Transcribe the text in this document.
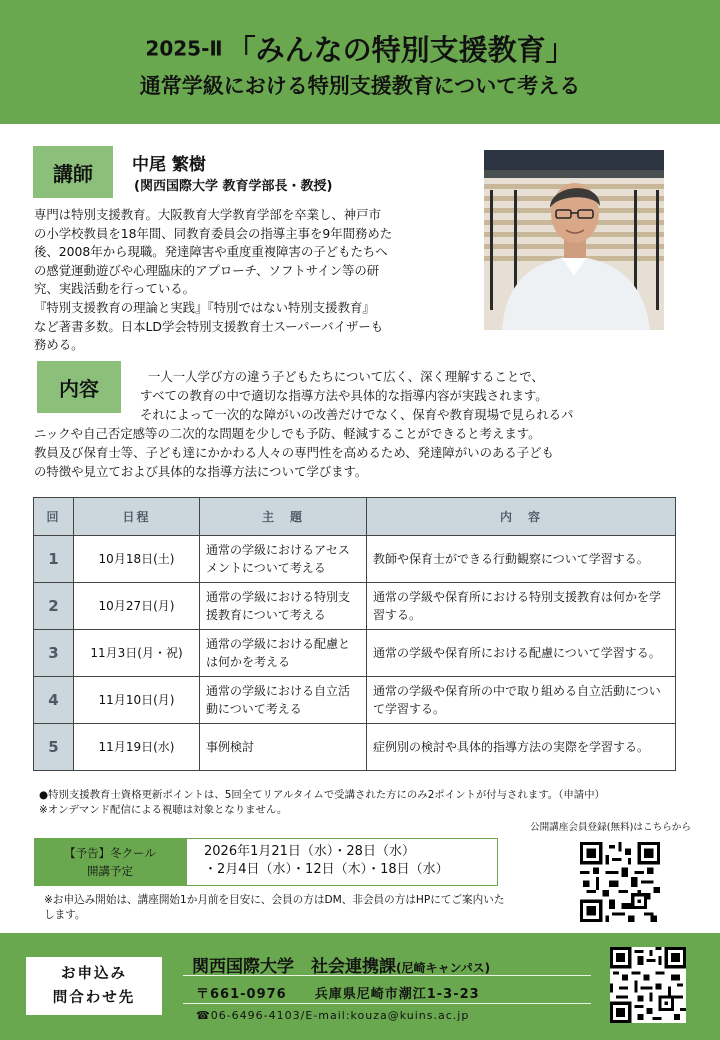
2025-Ⅱ 「みんなの特別支援教育」
通常学級における特別支援教育について考える
講師	中尾 繁樹
(関西国際大学 教育学部長・教授)

専門は特別支援教育。大阪教育大学教育学部を卒業し、神戸市

の小学校教員を18年間、同教育委員会の指導主事を9年間務めた

後、2008年から現職。発達障害や重度重複障害の子どもたちへ

の感覚運動遊びや心理臨床的アプローチ、ソフトサイン等の研

究、実践活動を行っている。

『特別支援教育の理論と実践』『特別ではない特別支援教育』

など著書多数。日本LD学会特別支援教育士スーパーバイザーも

務める。

内容	一人一人学び方の違う子どもたちについて広く、深く理解することで、
すべての教育の中で適切な指導方法や具体的な指導内容が実践されます。
それによって一次的な障がいの改善だけでなく、保育や教育現場で見られるパ
ニックや自己否定感等の二次的な問題を少しでも予防、軽減することができると考えます。
教員及び保育士等、子ども達にかかわる人々の専門性を高めるため、発達障がいのある子ども
の特徴や見立ておよび具体的な指導方法について学びます。
回	日程	主　題	内　容
1	10月18日(土)	通常の学級におけるアセスメントについて考える	教師や保育士ができる行動観察について学習する。
2	10月27日(月)	通常の学級における特別支援教育について考える	通常の学級や保育所における特別支援教育は何かを学習する。
3	11月3日(月・祝)	通常の学級における配慮とは何かを考える	通常の学級や保育所における配慮について学習する。
4	11月10日(月)	通常の学級における自立活動について考える	通常の学級や保育所の中で取り組める自立活動について学習する。
5	11月19日(水)	事例検討	症例別の検討や具体的指導方法の実際を学習する。
●特別支援教育士資格更新ポイントは、5回全てリアルタイムで受講された方にのみ2ポイントが付与されます。（申請中）
※オンデマンド配信による視聴は対象となりません。
公開講座会員登録(無料)はこちらから
【予告】冬クール
開講予定

2026年1月21日（水）・28日（水）

・2月4日（水）・12日（木）・18日（水）

※お申込み開始は、講座開始1か月前を目安に、会員の方はDM、非会員の方はHPにてご案内いたします。
お申込み
問合わせ先
関西国際大学　社会連携課(尼崎キャンパス)
〒661-0976　　兵庫県尼崎市潮江1-3-23
☎06-6496-4103/E-mail:kouza@kuins.ac.jp
